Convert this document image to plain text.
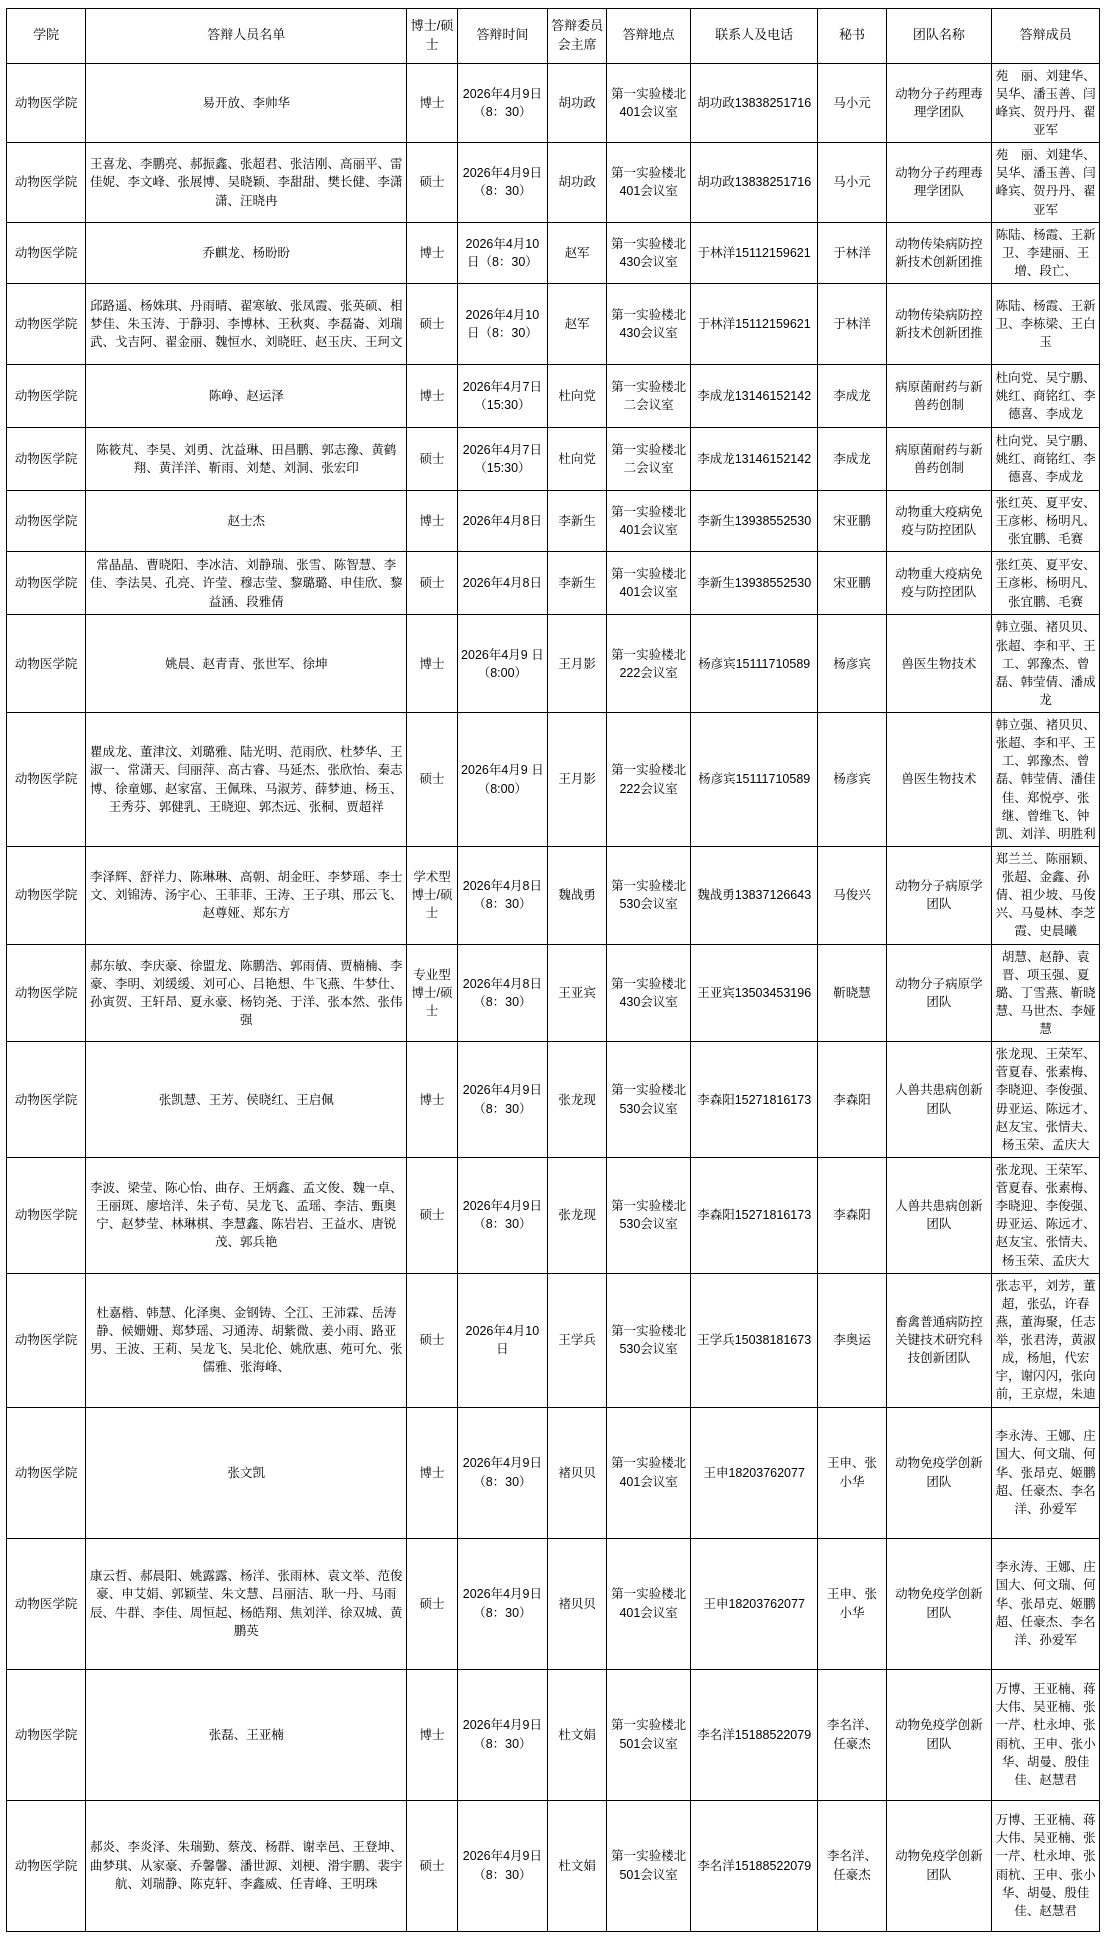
学院	答辩人员名单	博士/硕士	答辩时间	答辩委员会主席	答辩地点	联系人及电话	秘书	团队名称	答辩成员
动物医学院	易开放、李帅华	博士	2026年4月9日（8：30）	胡功政	第一实验楼北401会议室	胡功政13838251716	马小元	动物分子药理毒理学团队	苑　丽、刘建华、吴华、潘玉善、闫峰宾、贺丹丹、翟亚军
动物医学院	王喜龙、李鹏亮、郝振鑫、张超君、张洁刚、高丽平、雷佳妮、李文峰、张展博、吴晓颖、李甜甜、樊长健、李潇潇、汪晓冉	硕士	2026年4月9日（8：30）	胡功政	第一实验楼北401会议室	胡功政13838251716	马小元	动物分子药理毒理学团队	苑　丽、刘建华、吴华、潘玉善、闫峰宾、贺丹丹、翟亚军
动物医学院	乔麒龙、杨盼盼	博士	2026年4月10日（8：30）	赵军	第一实验楼北430会议室	于林洋15112159621	于林洋	动物传染病防控新技术创新团推	陈陆、杨霞、王新卫、李建丽、王增、段亡、
动物医学院	邱路遥、杨姝琪、丹雨晴、翟寒敏、张凤霞、张英硕、相梦佳、朱玉涛、于静羽、李博林、王秋爽、李磊崙、刘瑞武、戈吉阿、翟金丽、魏恒水、刘晓旺、赵玉庆、王珂文	硕士	2026年4月10日（8：30）	赵军	第一实验楼北430会议室	于林洋15112159621	于林洋	动物传染病防控新技术创新团推	陈陆、杨霞、王新卫、李栋梁、王白玉
动物医学院	陈峥、赵运泽	博士	2026年4月7日（15:30）	杜向党	第一实验楼北二会议室	李成龙13146152142	李成龙	病原菌耐药与新兽药创制	杜向党、吴宁鹏、姚红、商铭红、李德喜、李成龙
动物医学院	陈筱芃、李昊、刘勇、沈益琳、田昌鹏、郭志豫、黄鹤翔、黄洋洋、靳雨、刘楚、刘洞、张宏印	硕士	2026年4月7日（15:30）	杜向党	第一实验楼北二会议室	李成龙13146152142	李成龙	病原菌耐药与新兽药创制	杜向党、吴宁鹏、姚红、商铭红、李德喜、李成龙
动物医学院	赵士杰	博士	2026年4月8日	李新生	第一实验楼北401会议室	李新生13938552530	宋亚鹏	动物重大疫病免疫与防控团队	张红英、夏平安、王彦彬、杨明凡、张宜鹏、毛赛
动物医学院	常晶晶、曹晓阳、李冰洁、刘静瑞、张雪、陈智慧、李佳、李法昊、孔亮、许莹、穆志莹、黎璐璐、申佳欣、黎益涵、段雅倩	硕士	2026年4月8日	李新生	第一实验楼北401会议室	李新生13938552530	宋亚鹏	动物重大疫病免疫与防控团队	张红英、夏平安、王彦彬、杨明凡、张宜鹏、毛赛
动物医学院	姚晨、赵青青、张世军、徐坤	博士	2026年4月9 日（8:00）	王月影	第一实验楼北222会议室	杨彦宾15111710589	杨彦宾	兽医生物技术	韩立强、褚贝贝、张超、李和平、王工、郭豫杰、曾磊、韩莹倩、潘成龙
动物医学院	瞿成龙、董津汶、刘璐雅、陆光明、范雨欣、杜梦华、王淑一、常潇天、闫丽萍、高古睿、马延杰、张欣怡、秦志博、徐童娜、赵家富、王佩珠、马淑芳、薛梦迪、杨玉、王秀芬、郭健乳、王晓迎、郭杰远、张桐、贾超祥	硕士	2026年4月9 日（8:00）	王月影	第一实验楼北222会议室	杨彦宾15111710589	杨彦宾	兽医生物技术	韩立强、褚贝贝、张超、李和平、王工、郭豫杰、曾磊、韩莹倩、潘佳佳、郑悦亭、张继、曾维飞、钟凯、刘洋、明胜利
动物医学院	李泽辉、舒祥力、陈琳琳、高朝、胡金旺、李梦瑶、李士文、刘锦涛、汤宇心、王菲菲、王涛、王子琪、邢云飞、赵尊娅、郑东方	学术型博士/硕士	2026年4月8日（8：30）	魏战勇	第一实验楼北530会议室	魏战勇13837126643	马俊兴	动物分子病原学团队	郑兰兰、陈丽颖、张超、金鑫、孙倩、祖少坡、马俊兴、马曼林、李芝霞、史晨曦
动物医学院	郝东敏、李庆豪、徐盟龙、陈鹏浩、郭雨倩、贾楠楠、李豪、李明、刘缓缓、刘可心、吕艳想、牛飞燕、牛梦仕、孙寅贺、王轩昂、夏永豪、杨钧尧、于洋、张本然、张伟强	专业型博士/硕士	2026年4月8日（8：30）	王亚宾	第一实验楼北430会议室	王亚宾13503453196	靳晓慧	动物分子病原学团队	胡慧、赵静、袁晋、项玉强、夏璐、丁雪燕、靳晓慧、马世杰、李娅慧
动物医学院	张凯慧、王芳、侯晓红、王启佩	博士	2026年4月9日（8：30）	张龙现	第一实验楼北530会议室	李森阳15271816173	李森阳	人兽共患病创新团队	张龙现、王荣军、菅夏春、张素梅、李晓迎、李俊强、毋亚运、陈远才、赵友宝、张情夫、杨玉荣、孟庆大
动物医学院	李波、梁莹、陈心怡、曲存、王炳鑫、孟文俊、魏一卓、王丽斑、廖培洋、朱子荀、吴龙飞、孟瑶、李洁、甄奥宁、赵梦莹、林琳棋、李慧鑫、陈岩岩、王益水、唐锐茂、郭兵艳	硕士	2026年4月9日（8：30）	张龙现	第一实验楼北530会议室	李森阳15271816173	李森阳	人兽共患病创新团队	张龙现、王荣军、菅夏春、张素梅、李晓迎、李俊强、毋亚运、陈远才、赵友宝、张情夫、杨玉荣、孟庆大
动物医学院	杜嘉楷、韩慧、化泽奥、金钢铸、仝江、王沛霖、岳涛静、候姗姗、郑梦瑶、习通涛、胡紫微、姜小雨、路亚男、王波、王莉、吴龙飞、吴北伦、姚欣惠、苑可允、张儒雅、张海峰、	硕士	2026年4月10日	王学兵	第一实验楼北530会议室	王学兵15038181673	李奥运	畜禽普通病防控关键技术研究科技创新团队	张志平，刘芳，董超，张弘，许春燕，董海聚，任志举，张君涛，黄淑成，杨旭，代宏宇，谢闪闪，张向前，王京煜，朱迪
动物医学院	张文凯	博士	2026年4月9日（8：30）	褚贝贝	第一实验楼北401会议室	王申18203762077	王申、张小华	动物免疫学创新团队	李永涛、王娜、庄国大、何文瑞、何华、张昂克、姬鹏超、任豪杰、李名洋、孙爱军
动物医学院	康云哲、郝晨阳、姚露露、杨洋、张雨林、袁文举、范俊豪、申艾娟、郭颖莹、朱文慧、吕丽洁、耿一丹、马雨辰、牛群、李佳、周恒起、杨皓翔、焦刘洋、徐双城、黄鹏英	硕士	2026年4月9日（8：30）	褚贝贝	第一实验楼北401会议室	王申18203762077	王申、张小华	动物免疫学创新团队	李永涛、王娜、庄国大、何文瑞、何华、张昂克、姬鹏超、任豪杰、李名洋、孙爱军
动物医学院	张磊、王亚楠	博士	2026年4月9日（8：30）	杜文娟	第一实验楼北501会议室	李名洋15188522079	李名洋、任豪杰	动物免疫学创新团队	万博、王亚楠、蒋大伟、吴亚楠、张一芹、杜永坤、张雨杭、王申、张小华、胡曼、殷佳佳、赵慧君
动物医学院	郝炎、李炎泽、朱瑞勤、蔡茂、杨群、谢幸邑、王登坤、曲梦琪、从家豪、乔馨馨、潘世源、刘梗、滑宇鹏、裴宇航、刘瑞静、陈克轩、李鑫威、任青峰、王明珠	硕士	2026年4月9日（8：30）	杜文娟	第一实验楼北501会议室	李名洋15188522079	李名洋、任豪杰	动物免疫学创新团队	万博、王亚楠、蒋大伟、吴亚楠、张一芹、杜永坤、张雨杭、王申、张小华、胡曼、殷佳佳、赵慧君
